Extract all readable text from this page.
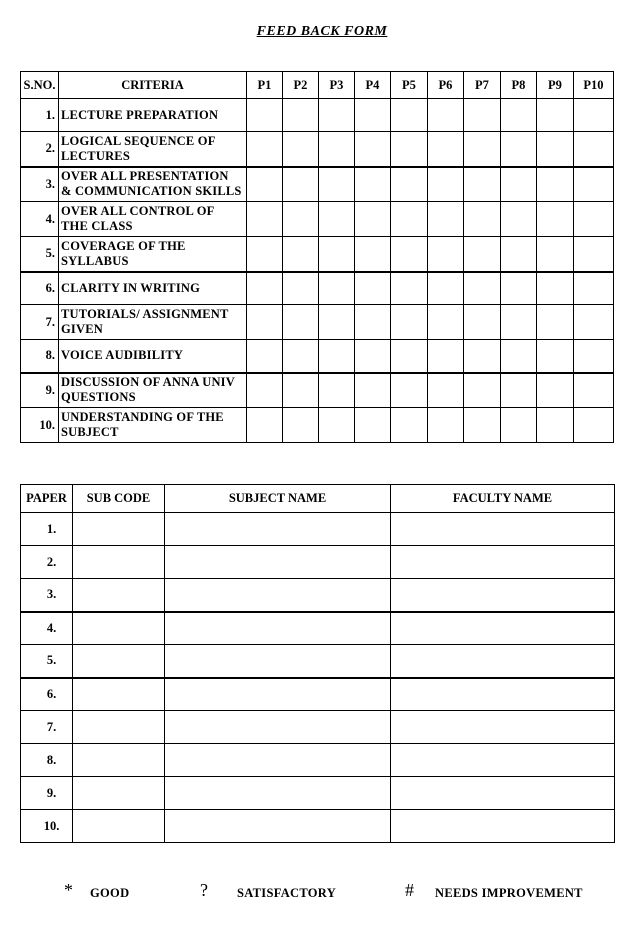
FEED BACK FORM
S.NO.	CRITERIA	P1	P2	P3	P4	P5	P6	P7	P8	P9	P10
1.	LECTURE PREPARATION										

2.	LOGICAL SEQUENCE OF
LECTURES										

3.	OVER ALL PRESENTATION
& COMMUNICATION SKILLS										

4.	OVER ALL CONTROL OF
THE CLASS										

5.	COVERAGE OF THE
SYLLABUS										

6.	CLARITY IN WRITING										

7.	TUTORIALS/ ASSIGNMENT
GIVEN										

8.	VOICE AUDIBILITY										

9.	DISCUSSION OF ANNA UNIV
QUESTIONS										

10.	UNDERSTANDING OF THE
SUBJECT										

PAPER	SUB CODE	SUBJECT NAME	FACULTY NAME
1.			
2.			
3.			
4.			
5.			
6.			
7.			
8.			
9.			
10.			
* GOOD	? SATISFACTORY	# NEEDS IMPROVEMENT
